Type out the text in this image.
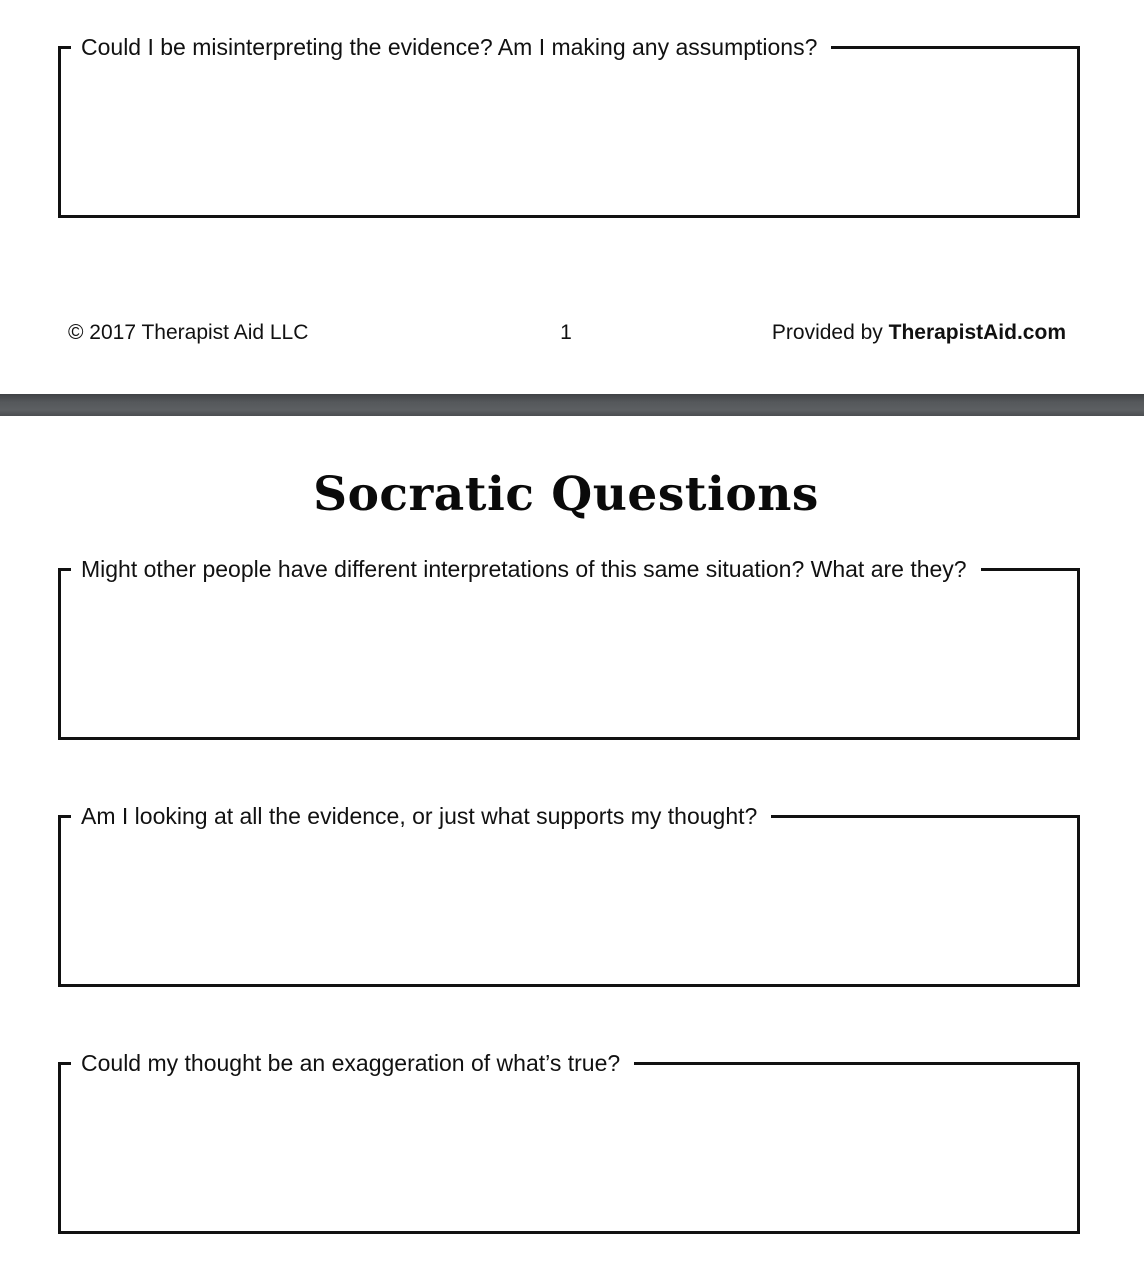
Could I be misinterpreting the evidence? Am I making any assumptions?
© 2017 Therapist Aid LLC	1	Provided by TherapistAid.com
Socratic Questions
Might other people have different interpretations of this same situation? What are they?
Am I looking at all the evidence, or just what supports my thought?
Could my thought be an exaggeration of what’s true?
